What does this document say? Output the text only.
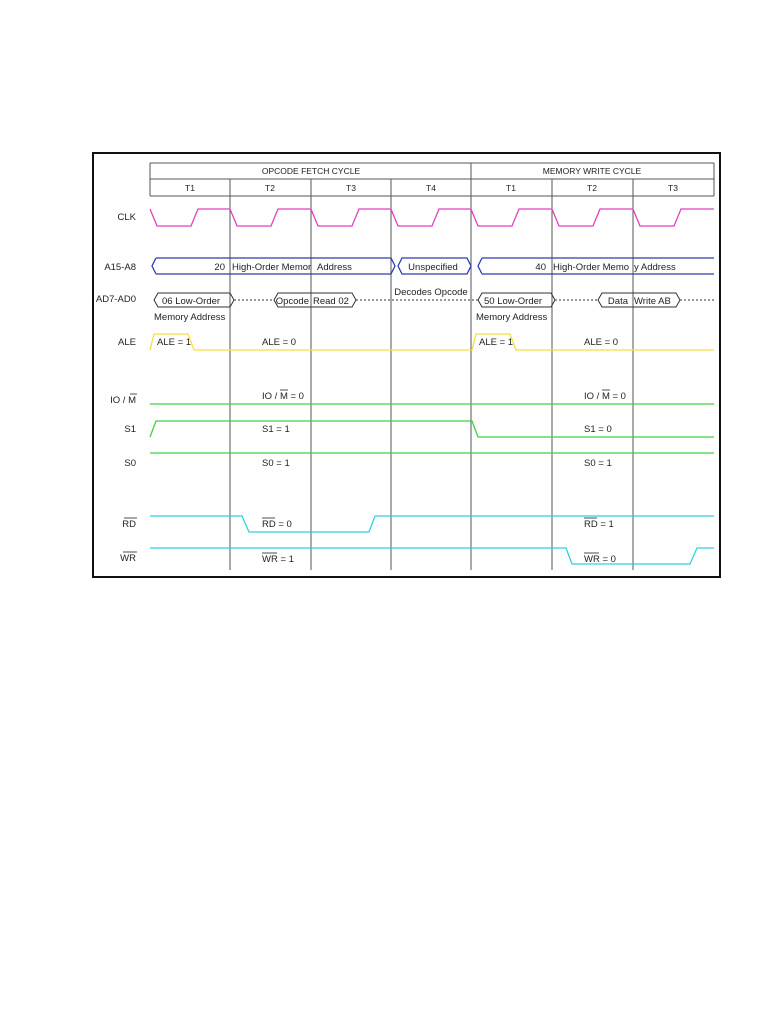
OPCODE FETCH CYCLE	MEMORY WRITE CYCLE
T1	T2	T3	T4	T1	T2	T3
CLK
A15-A8
AD7-AD0
ALE
IO / M
S1
S0
RD
WR
20 High-Order Memor Address	Unspecified	40 High-Order Memo y Address
06 Low-Order
Memory Address
Opcode Read 02
Decodes Opcode
50 Low-Order
Memory Address
Data Write AB
ALE = 1	ALE = 0	ALE = 1	ALE = 0
IO / M = 0	IO / M = 0
S1 = 1	S1 = 0
S0 = 1	S0 = 1
RD = 0	RD = 1
WR = 1	WR = 0
